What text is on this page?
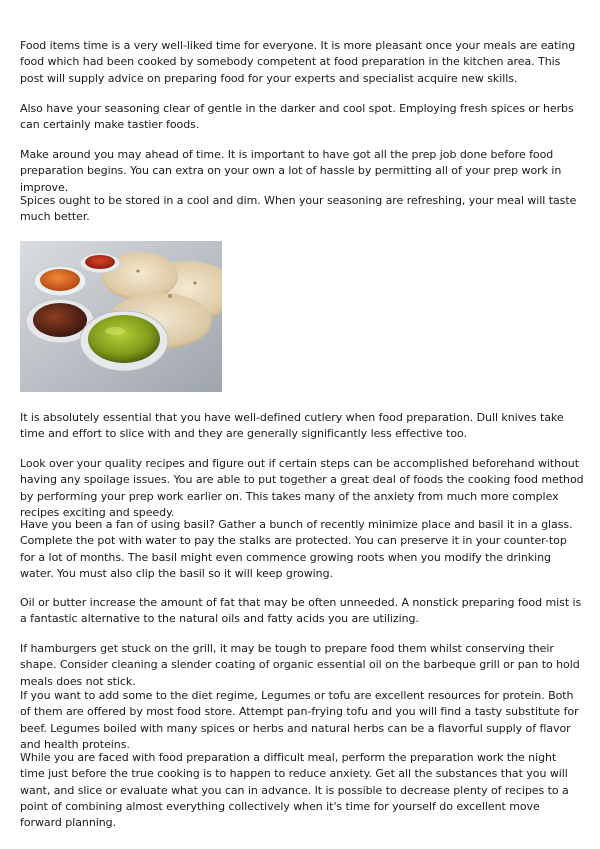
Food items time is a very well-liked time for everyone. It is more pleasant once your meals are eating food which had been cooked by somebody competent at food preparation in the kitchen area. This post will supply advice on preparing food for your experts and specialist acquire new skills.

Also have your seasoning clear of gentle in the darker and cool spot. Employing fresh spices or herbs can certainly make tastier foods.

Make around you may ahead of time. It is important to have got all the prep job done before food preparation begins. You can extra on your own a lot of hassle by permitting all of your prep work in improve.

Spices ought to be stored in a cool and dim. When your seasoning are refreshing, your meal will taste much better.

It is absolutely essential that you have well-defined cutlery when food preparation. Dull knives take time and effort to slice with and they are generally significantly less effective too.

Look over your quality recipes and figure out if certain steps can be accomplished beforehand without having any spoilage issues. You are able to put together a great deal of foods the cooking food method by performing your prep work earlier on. This takes many of the anxiety from much more complex recipes exciting and speedy.

Have you been a fan of using basil? Gather a bunch of recently minimize place and basil it in a glass. Complete the pot with water to pay the stalks are protected. You can preserve it in your counter-top for a lot of months. The basil might even commence growing roots when you modify the drinking water. You must also clip the basil so it will keep growing.

Oil or butter increase the amount of fat that may be often unneeded. A nonstick preparing food mist is a fantastic alternative to the natural oils and fatty acids you are utilizing.

If hamburgers get stuck on the grill, it may be tough to prepare food them whilst conserving their shape. Consider cleaning a slender coating of organic essential oil on the barbeque grill or pan to hold meals does not stick.

If you want to add some to the diet regime, Legumes or tofu are excellent resources for protein. Both of them are offered by most food store. Attempt pan-frying tofu and you will find a tasty substitute for beef. Legumes boiled with many spices or herbs and natural herbs can be a flavorful supply of flavor and health proteins.

While you are faced with food preparation a difficult meal, perform the preparation work the night time just before the true cooking is to happen to reduce anxiety. Get all the substances that you will want, and slice or evaluate what you can in advance. It is possible to decrease plenty of recipes to a point of combining almost everything collectively when it's time for yourself do excellent move forward planning.
